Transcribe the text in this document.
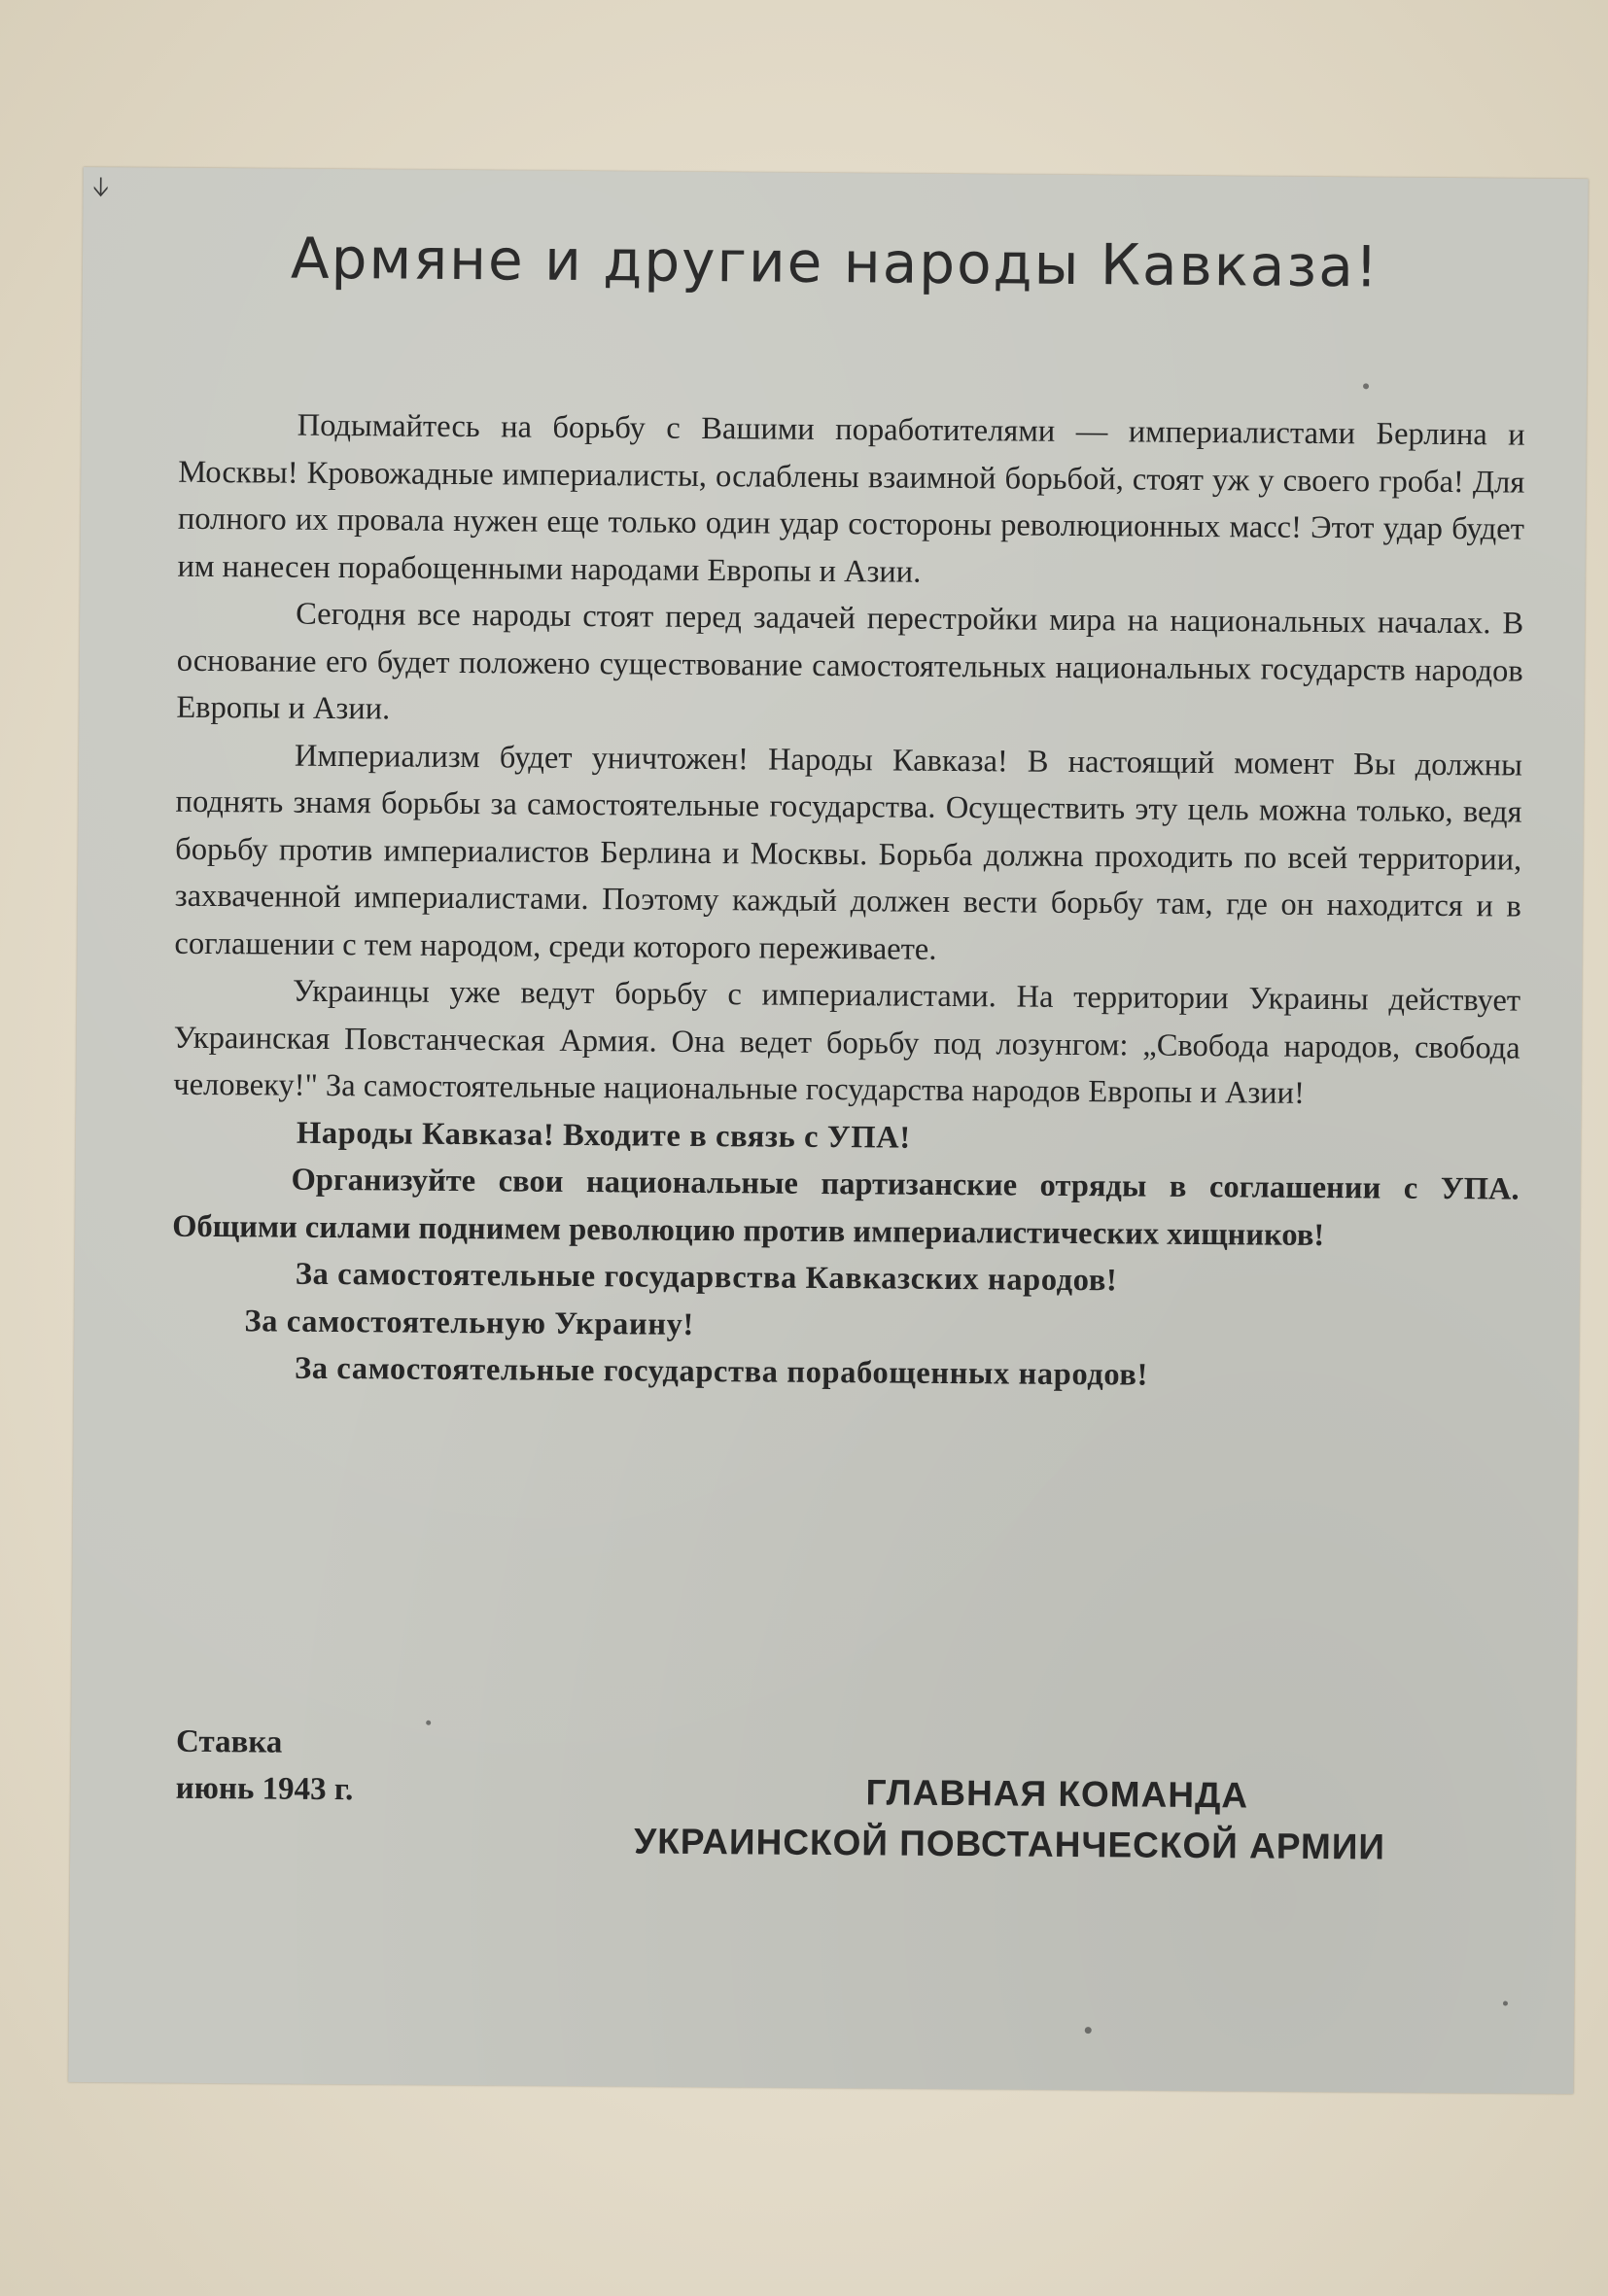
ᛎ
Армяне и другие народы Кавказа!

Подымайтесь на борьбу с Вашими поработителями — империалистами Берлина и Москвы! Кровожадные империалисты, ослаблены взаимной борьбой, стоят уж у своего гроба! Для полного их провала нужен еще только один удар состороны революционных масс! Этот удар будет им нанесен порабощенными народами Европы и Азии.

Сегодня все народы стоят перед задачей перестройки мира на национальных началах. В основание его будет положено существование самостоятельных национальных государств народов Европы и Азии.

Империализм будет уничтожен! Народы Кавказа! В настоящий момент Вы должны поднять знамя борьбы за самостоятельные государства. Осуществить эту цель можна только, ведя борьбу против империалистов Берлина и Москвы. Борьба должна проходить по всей территории, захваченной империалистами. Поэтому каждый должен вести борьбу там, где он находится и в соглашении с тем народом, среди которого переживаете.

Украинцы уже ведут борьбу с империалистами. На территории Украины действует Украинская Повстанческая Армия. Она ведет борьбу под лозунгом: „Свобода народов, свобода человеку!" За самостоятельные национальные государства народов Европы и Азии!

Народы Кавказа! Входите в связь с УПА!

Организуйте свои национальные партизанские отряды в соглашении с УПА. Общими силами поднимем революцию против империалистических хищников!

За самостоятельные государвства Кавказских народов!

За самостоятельную Украину!

За самостоятельные государства порабощенных народов!

Ставка
июнь 1943 г.	ГЛАВНАЯ КОМАНДА
УКРАИНСКОЙ ПОВСТАНЧЕСКОЙ АРМИИ
